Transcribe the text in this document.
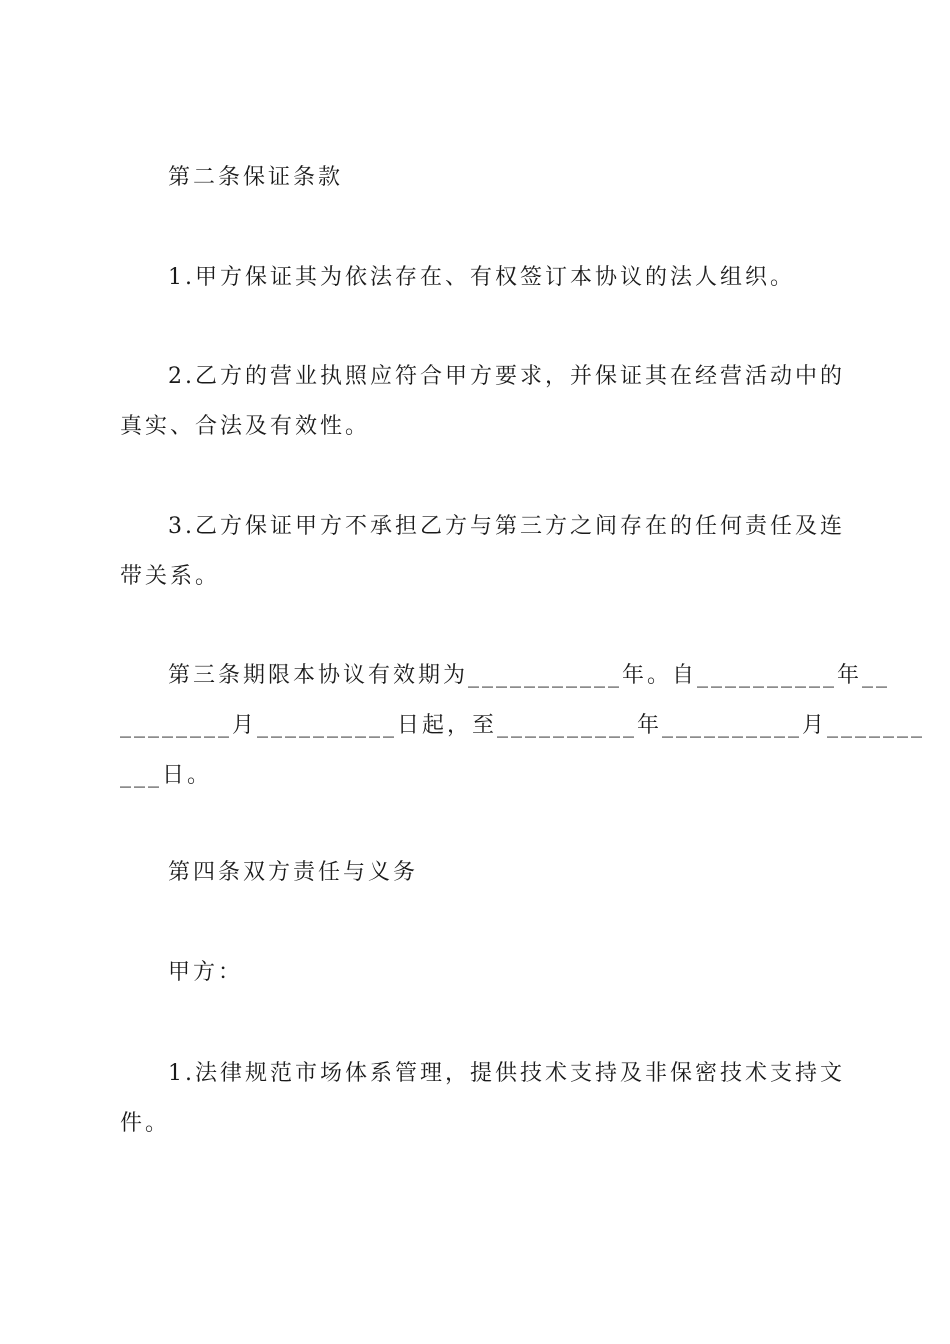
第二条保证条款
1.甲方保证其为依法存在、有权签订本协议的法人组织。
2.乙方的营业执照应符合甲方要求，并保证其在经营活动中的
真实、合法及有效性。
3.乙方保证甲方不承担乙方与第三方之间存在的任何责任及连
带关系。
第三条期限本协议有效期为___________年。自__________年__
________月__________日起，至__________年__________月_______
___日。
第四条双方责任与义务
甲方：
1.法律规范市场体系管理，提供技术支持及非保密技术支持文
件。
